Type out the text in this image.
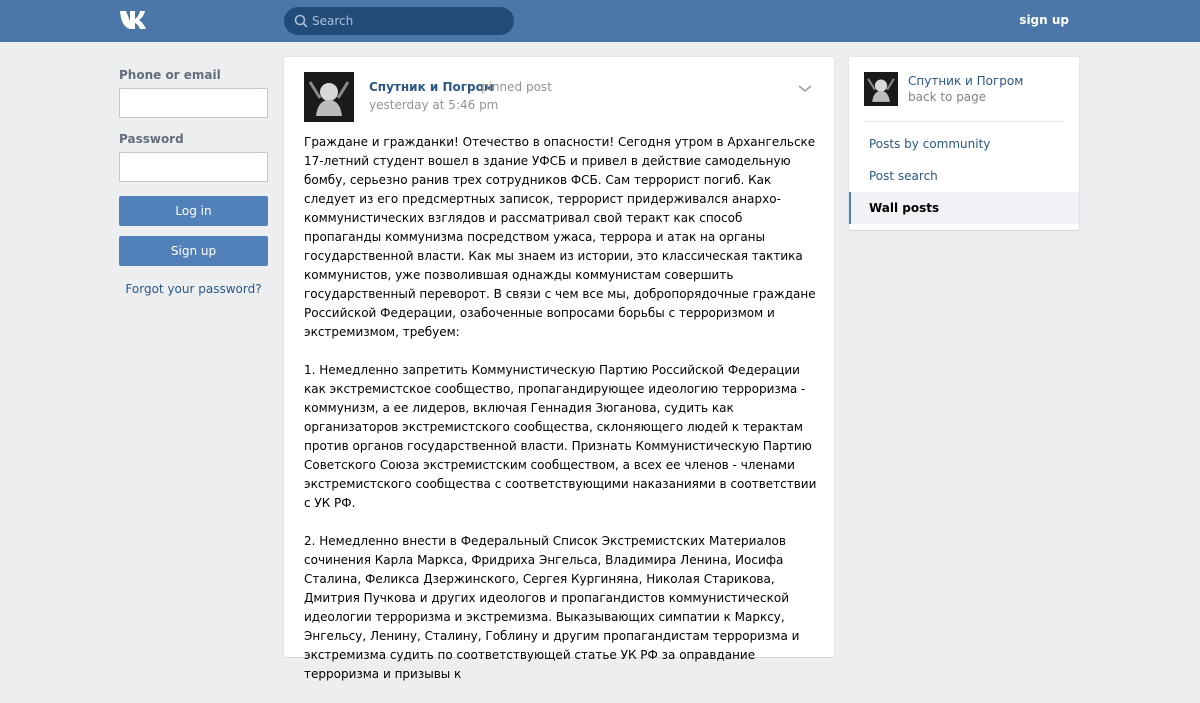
Search
sign up
Phone or email
Password
Log in
Sign up
Forgot your password?
Спутник и Погром
pinned post
yesterday at 5:46 pm

Граждане и гражданки! Отечество в опасности! Сегодня утром в Архангельске 17-летний студент вошел в здание УФСБ и привел в действие самодельную бомбу, серьезно ранив трех сотрудников ФСБ. Сам террорист погиб. Как следует из его предсмертных записок, террорист придерживался анархо-коммунистических взглядов и рассматривал свой теракт как способ пропаганды коммунизма посредством ужаса, террора и атак на органы государственной власти. Как мы знаем из истории, это классическая тактика коммунистов, уже позволившая однажды коммунистам совершить государственный переворот. В связи с чем все мы, добропорядочные граждане Российской Федерации, озабоченные вопросами борьбы с терроризмом и экстремизмом, требуем:

1. Немедленно запретить Коммунистическую Партию Российской Федерации как экстремистское сообщество, пропагандирующее идеологию терроризма - коммунизм, а ее лидеров, включая Геннадия Зюганова, судить как организаторов экстремистского сообщества, склоняющего людей к терактам против органов государственной власти. Признать Коммунистическую Партию Советского Союза экстремистским сообществом, а всех ее членов - членами экстремистского сообщества с соответствующими наказаниями в соответствии с УК РФ.

2. Немедленно внести в Федеральный Список Экстремистских Материалов сочинения Карла Маркса, Фридриха Энгельса, Владимира Ленина, Иосифа Сталина, Феликса Дзержинского, Сергея Кургиняна, Николая Старикова, Дмитрия Пучкова и других идеологов и пропагандистов коммунистической идеологии терроризма и экстремизма. Выказывающих симпатии к Марксу, Энгельсу, Ленину, Сталину, Гоблину и другим пропагандистам терроризма и экстремизма судить по соответствующей статье УК РФ за оправдание терроризма и призывы к

Спутник и Погром
back to page
Posts by community
Post search
Wall posts
